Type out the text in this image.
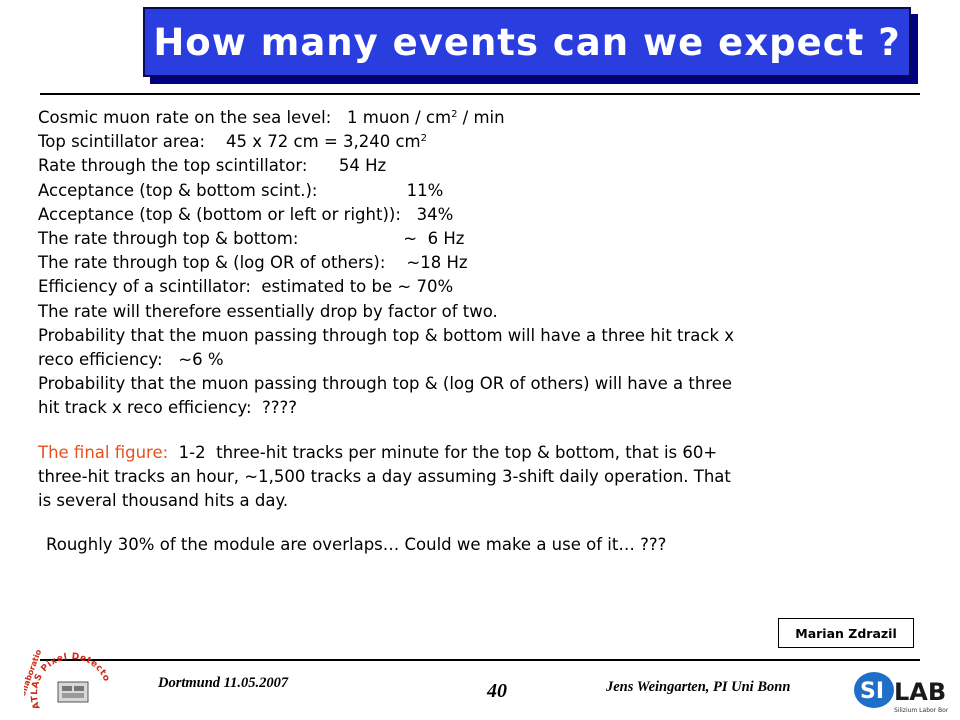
How many events can we expect ?
Cosmic muon rate on the sea level:   1 muon / $cm^2$ / min
Top scintillator area:    45 x 72 cm = 3,240 $cm^2$
Rate through the top scintillator:      54 Hz
Acceptance (top & bottom scint.):                 11%
Acceptance (top & (bottom or left or right)):   34%
The rate through top & bottom:                    ~  6 Hz
The rate through top & (log OR of others):    ~18 Hz
Efficiency of a scintillator:  estimated to be ~ 70%
The rate will therefore essentially drop by factor of two.
Probability that the muon passing through top & bottom will have a three hit track x
reco efficiency:   ~6 %
Probability that the muon passing through top & (log OR of others) will have a three
hit track x reco efficiency:  ????
The final figure:  1-2  three-hit tracks per minute for the top & bottom, that is 60+
three-hit tracks an hour, ~1,500 tracks a day assuming 3-shift daily operation. That
is several thousand hits a day.
Roughly 30% of the module are overlaps… Could we make a use of it… ???
Marian Zdrazil
ATLAS Pixel Detecto
Collaboration	Dortmund 11.05.2007	40	Jens Weingarten, PI Uni Bonn	SI LAB
Silizium Labor Bonn
